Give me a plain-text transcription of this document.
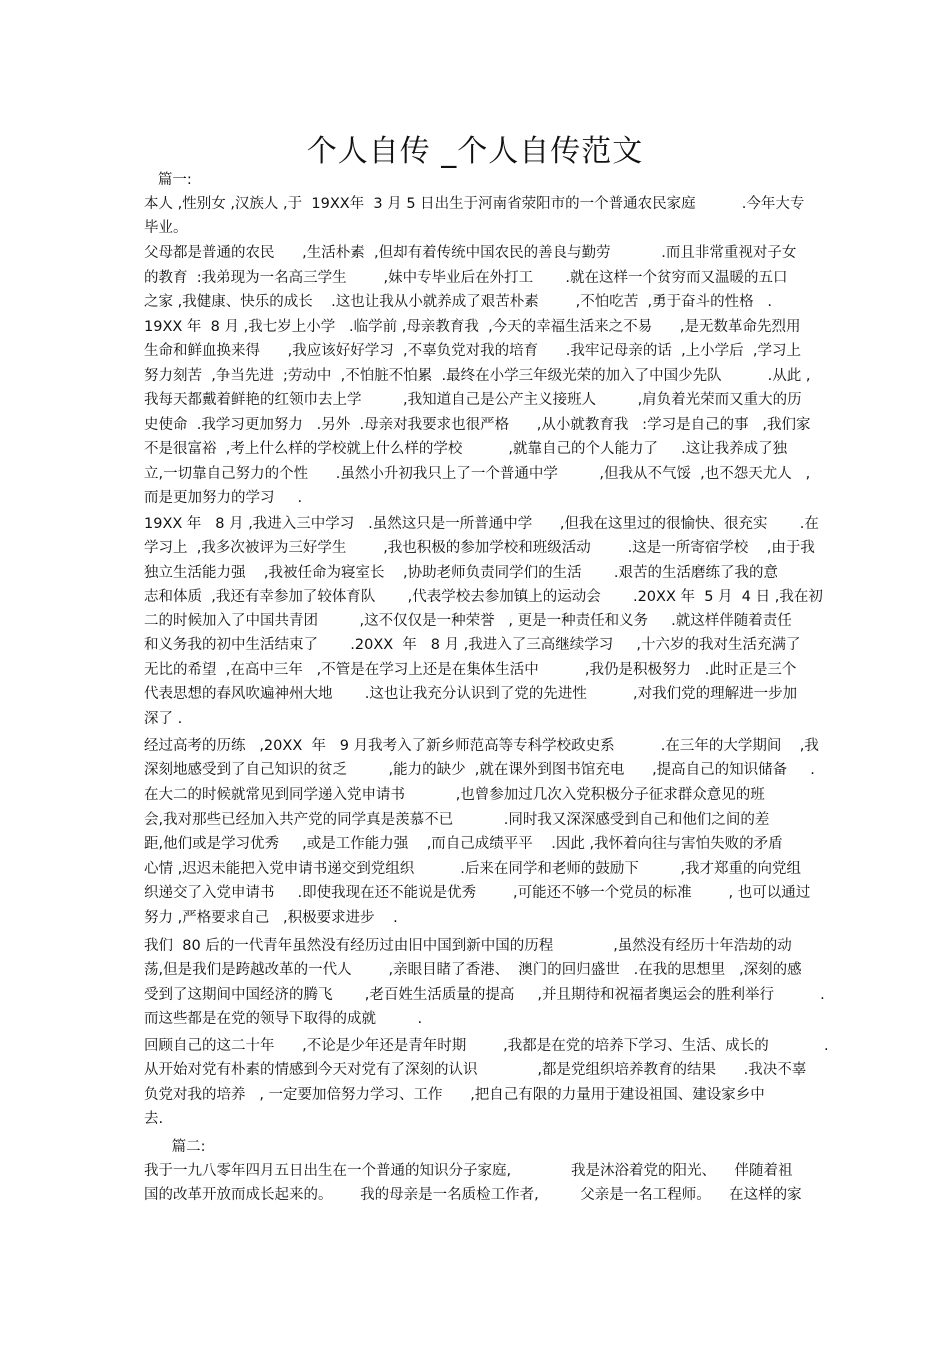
个人自传 _个人自传范文
篇一:
本人 ,性别女 ,汉族人 ,于  19XX年  3 月 5 日出生于河南省荥阳市的一个普通农民家庭          .今年大专
毕业。
父母都是普通的农民      ,生活朴素  ,但却有着传统中国农民的善良与勤劳           .而且非常重视对子女
的教育  :我弟现为一名高三学生        ,妹中专毕业后在外打工       .就在这样一个贫穷而又温暖的五口
之家 ,我健康、快乐的成长    .这也让我从小就养成了艰苦朴素        ,不怕吃苦  ,勇于奋斗的性格   .
19XX 年  8 月 ,我七岁上小学   .临学前 ,母亲教育我  ,今天的幸福生活来之不易      ,是无数革命先烈用
生命和鲜血换来得      ,我应该好好学习  ,不辜负党对我的培育      .我牢记母亲的话  ,上小学后  ,学习上
努力刻苦  ,争当先进  ;劳动中  ,不怕脏不怕累  .最终在小学三年级光荣的加入了中国少先队          .从此 ,
我每天都戴着鲜艳的红领巾去上学         ,我知道自己是公产主义接班人         ,肩负着光荣而又重大的历
史使命  .我学习更加努力   .另外  .母亲对我要求也很严格      ,从小就教育我   :学习是自己的事   ,我们家
不是很富裕  ,考上什么样的学校就上什么样的学校          ,就靠自己的个人能力了     .这让我养成了独
立,一切靠自己努力的个性      .虽然小升初我只上了一个普通中学         ,但我从不气馁  ,也不怨天尤人   ,
而是更加努力的学习     .
19XX 年   8 月 ,我进入三中学习   .虽然这只是一所普通中学      ,但我在这里过的很愉快、很充实       .在
学习上  ,我多次被评为三好学生        ,我也积极的参加学校和班级活动        .这是一所寄宿学校    ,由于我
独立生活能力强    ,我被任命为寝室长    ,协助老师负责同学们的生活       .艰苦的生活磨练了我的意
志和体质  ,我还有幸参加了较体育队       ,代表学校去参加镇上的运动会       .20XX 年  5 月  4 日 ,我在初
二的时候加入了中国共青团         ,这不仅仅是一种荣誉   , 更是一种责任和义务     .就这样伴随着责任
和义务我的初中生活结束了       .20XX  年   8 月 ,我进入了三高继续学习     ,十六岁的我对生活充满了
无比的希望  ,在高中三年   ,不管是在学习上还是在集体生活中          ,我仍是积极努力   .此时正是三个
代表思想的春风吹遍神州大地       .这也让我充分认识到了党的先进性          ,对我们党的理解进一步加
深了 .
经过高考的历练   ,20XX  年   9 月我考入了新乡师范高等专科学校政史系          .在三年的大学期间    ,我
深刻地感受到了自己知识的贫乏         ,能力的缺少  ,就在课外到图书馆充电      ,提高自己的知识储备     .
在大二的时候就常见到同学递入党申请书           ,也曾参加过几次入党积极分子征求群众意见的班
会,我对那些已经加入共产党的同学真是羡慕不已           .同时我又深深感受到自己和他们之间的差
距,他们或是学习优秀     ,或是工作能力强    ,而自己成绩平平    .因此 ,我怀着向往与害怕失败的矛盾
心情 ,迟迟未能把入党申请书递交到党组织          .后来在同学和老师的鼓励下         ,我才郑重的向党组
织递交了入党申请书     .即使我现在还不能说是优秀        ,可能还不够一个党员的标准        , 也可以通过
努力 ,严格要求自己   ,积极要求进步    .
我们  80 后的一代青年虽然没有经历过由旧中国到新中国的历程             ,虽然没有经历十年浩劫的动
荡,但是我们是跨越改革的一代人        ,亲眼目睹了香港、  澳门的回归盛世   .在我的思想里   ,深刻的感
受到了这期间中国经济的腾飞       ,老百姓生活质量的提高     ,并且期待和祝福者奥运会的胜利举行          .
而这些都是在党的领导下取得的成就         .
回顾自己的这二十年      ,不论是少年还是青年时期        ,我都是在党的培养下学习、生活、成长的            .
从开始对党有朴素的情感到今天对党有了深刻的认识             ,都是党组织培养教育的结果      .我决不辜
负党对我的培养   , 一定要加倍努力学习、工作      ,把自己有限的力量用于建设祖国、建设家乡中
去.
篇二:
我于一九八零年四月五日出生在一个普通的知识分子家庭,             我是沐浴着党的阳光、    伴随着祖
国的改革开放而成长起来的。      我的母亲是一名质检工作者,         父亲是一名工程师。    在这样的家
